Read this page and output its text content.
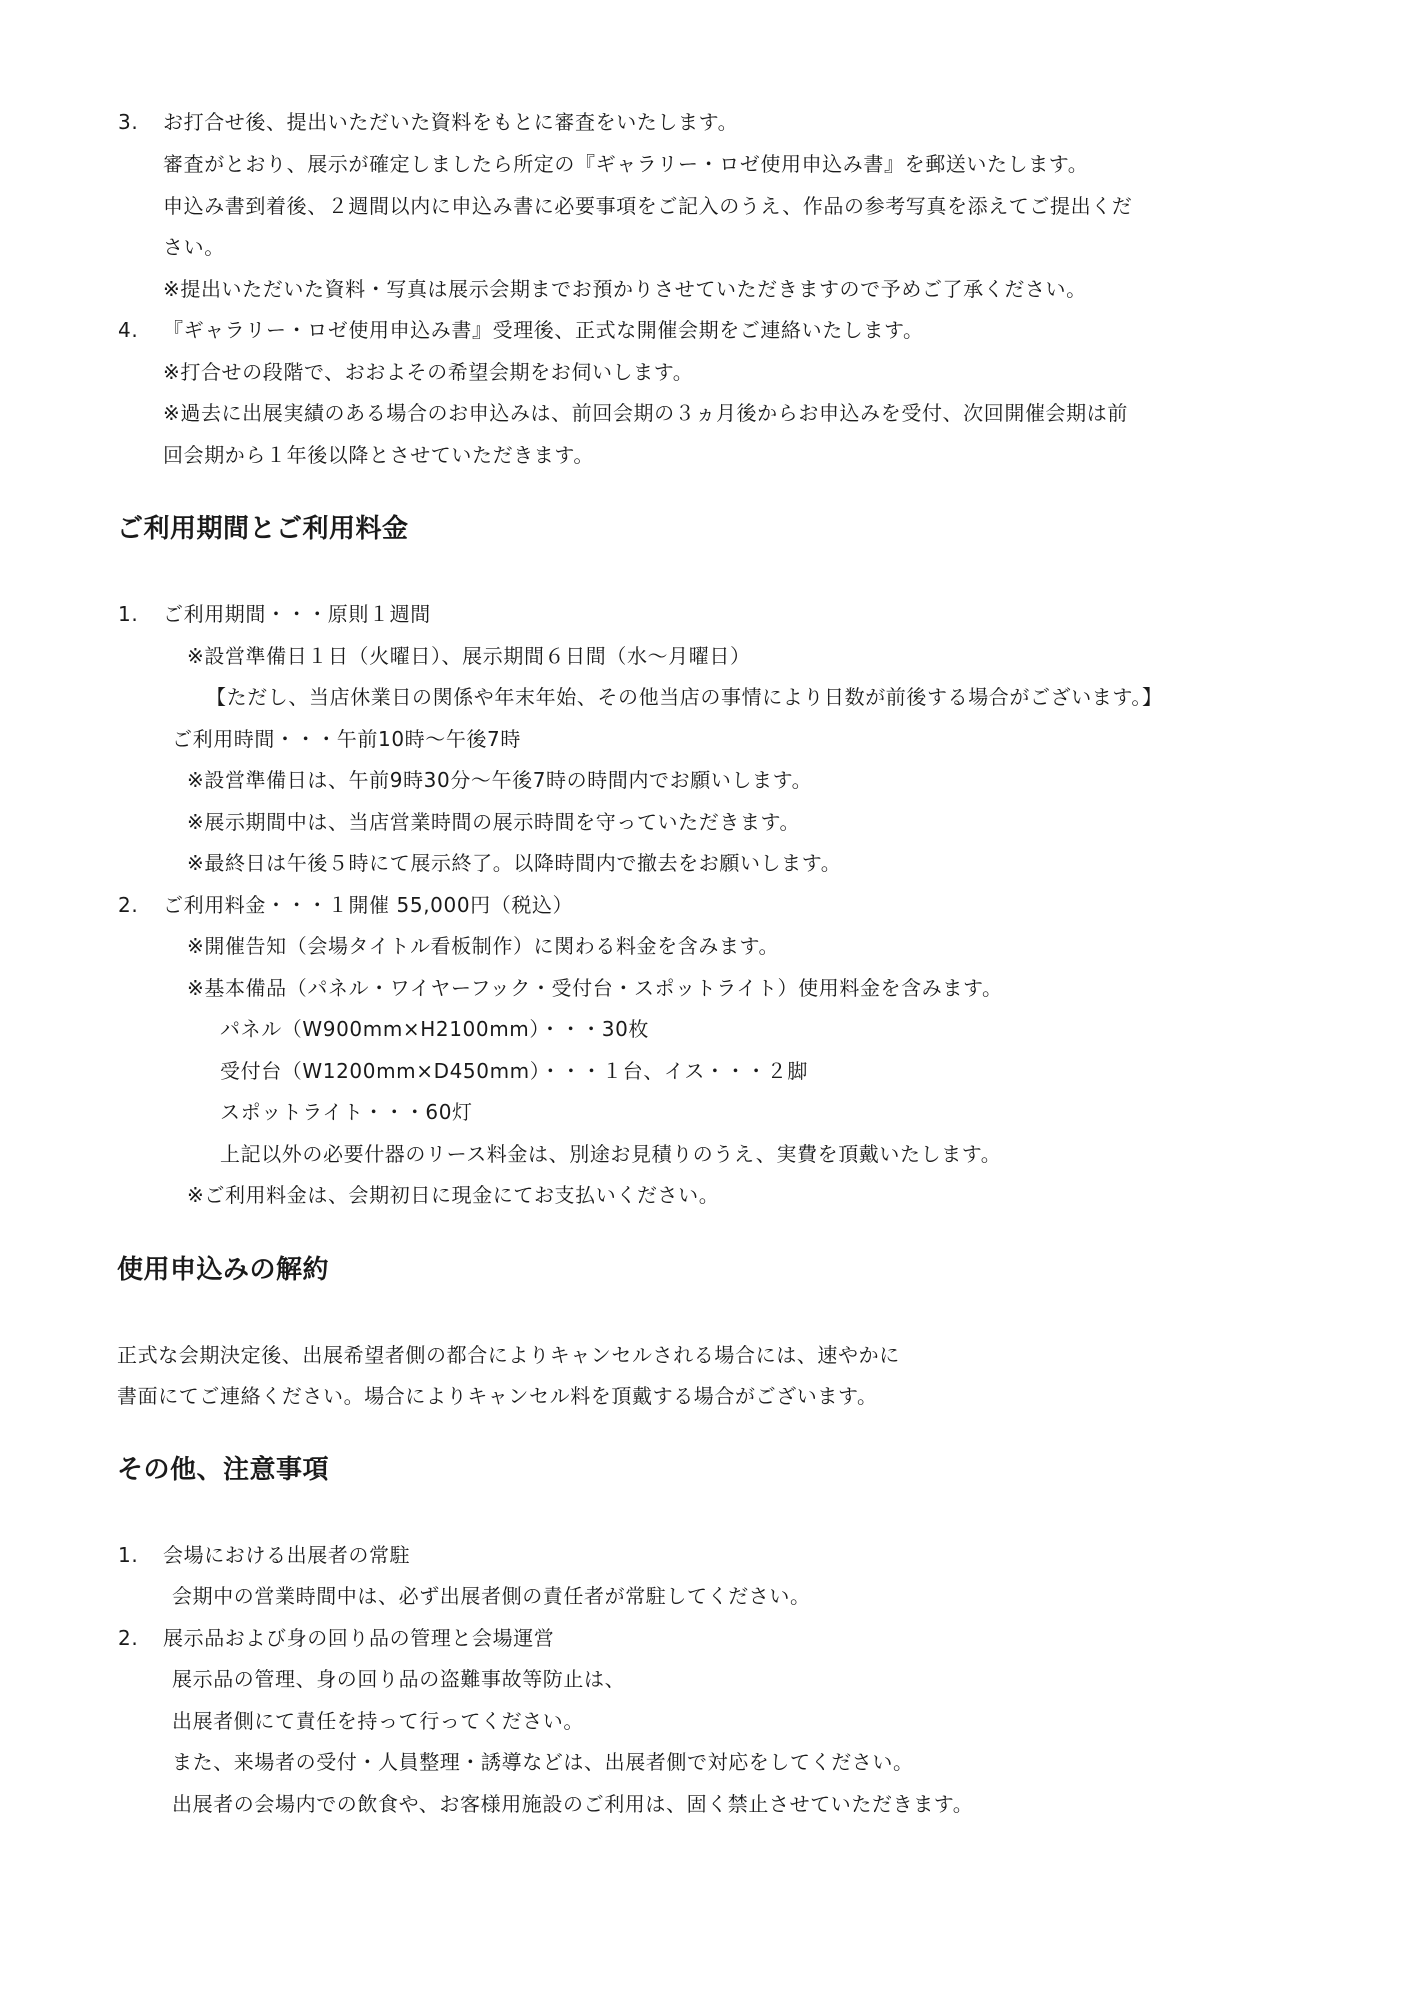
3. お打合せ後、提出いただいた資料をもとに審査をいたします。
審査がとおり、展示が確定しましたら所定の『ギャラリー・ロゼ使用申込み書』を郵送いたします。
申込み書到着後、２週間以内に申込み書に必要事項をご記入のうえ、作品の参考写真を添えてご提出くだ
さい。
※提出いただいた資料・写真は展示会期までお預かりさせていただきますので予めご了承ください。
4. 『ギャラリー・ロゼ使用申込み書』受理後、正式な開催会期をご連絡いたします。
※打合せの段階で、おおよその希望会期をお伺いします。
※過去に出展実績のある場合のお申込みは、前回会期の３ヵ月後からお申込みを受付、次回開催会期は前
回会期から１年後以降とさせていただきます。
ご利用期間とご利用料金
1. ご利用期間・・・原則１週間
※設営準備日１日（火曜日）、展示期間６日間（水～月曜日）
【ただし、当店休業日の関係や年末年始、その他当店の事情により日数が前後する場合がございます。】
ご利用時間・・・午前10時～午後7時
※設営準備日は、午前9時30分～午後7時の時間内でお願いします。
※展示期間中は、当店営業時間の展示時間を守っていただきます。
※最終日は午後５時にて展示終了。以降時間内で撤去をお願いします。
2. ご利用料金・・・１開催 55,000円（税込）
※開催告知（会場タイトル看板制作）に関わる料金を含みます。
※基本備品（パネル・ワイヤーフック・受付台・スポットライト）使用料金を含みます。
パネル（W900mm×H2100mm）・・・30枚
受付台（W1200mm×D450mm）・・・１台、イス・・・２脚
スポットライト・・・60灯
上記以外の必要什器のリース料金は、別途お見積りのうえ、実費を頂戴いたします。
※ご利用料金は、会期初日に現金にてお支払いください。
使用申込みの解約
正式な会期決定後、出展希望者側の都合によりキャンセルされる場合には、速やかに
書面にてご連絡ください。場合によりキャンセル料を頂戴する場合がございます。
その他、注意事項
1. 会場における出展者の常駐
会期中の営業時間中は、必ず出展者側の責任者が常駐してください。
2. 展示品および身の回り品の管理と会場運営
展示品の管理、身の回り品の盗難事故等防止は、
出展者側にて責任を持って行ってください。
また、来場者の受付・人員整理・誘導などは、出展者側で対応をしてください。
出展者の会場内での飲食や、お客様用施設のご利用は、固く禁止させていただきます。
